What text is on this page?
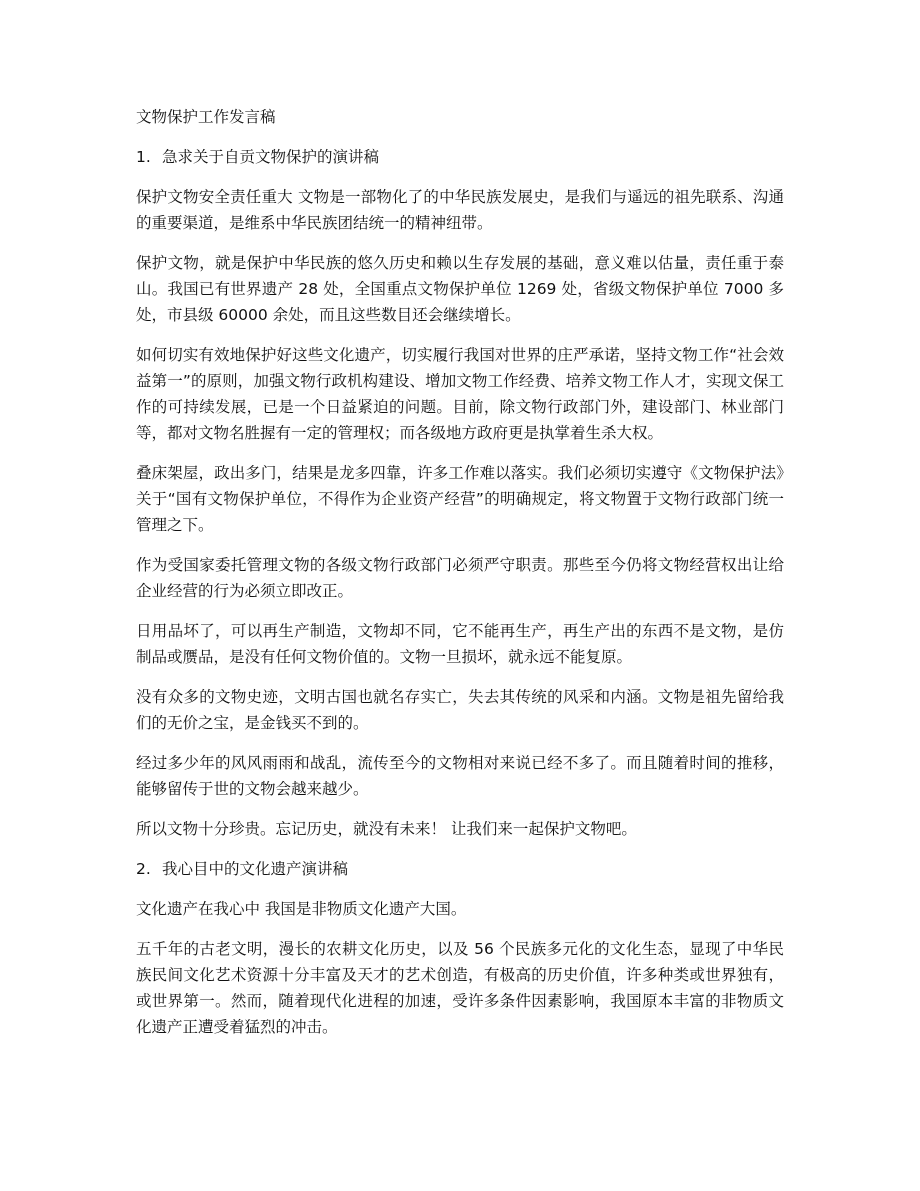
文物保护工作发言稿
1. 急求关于自贡文物保护的演讲稿

保护文物安全责任重大 文物是一部物化了的中华民族发展史，是我们与遥远的祖先联系、沟通的重要渠道，是维系中华民族团结统一的精神纽带。

保护文物，就是保护中华民族的悠久历史和赖以生存发展的基础，意义难以估量，责任重于泰山。我国已有世界遗产 28 处，全国重点文物保护单位 1269 处，省级文物保护单位 7000 多处，市县级 60000 余处，而且这些数目还会继续增长。

如何切实有效地保护好这些文化遗产，切实履行我国对世界的庄严承诺，坚持文物工作“社会效益第一”的原则，加强文物行政机构建设、增加文物工作经费、培养文物工作人才，实现文保工作的可持续发展，已是一个日益紧迫的问题。目前，除文物行政部门外，建设部门、林业部门等，都对文物名胜握有一定的管理权；而各级地方政府更是执掌着生杀大权。

叠床架屋，政出多门，结果是龙多四靠，许多工作难以落实。我们必须切实遵守《文物保护法》关于“国有文物保护单位，不得作为企业资产经营”的明确规定，将文物置于文物行政部门统一管理之下。

作为受国家委托管理文物的各级文物行政部门必须严守职责。那些至今仍将文物经营权出让给企业经营的行为必须立即改正。

日用品坏了，可以再生产制造，文物却不同，它不能再生产，再生产出的东西不是文物，是仿制品或赝品，是没有任何文物价值的。文物一旦损坏，就永远不能复原。

没有众多的文物史迹，文明古国也就名存实亡，失去其传统的风采和内涵。文物是祖先留给我们的无价之宝，是金钱买不到的。

经过多少年的风风雨雨和战乱，流传至今的文物相对来说已经不多了。而且随着时间的推移，能够留传于世的文物会越来越少。

所以文物十分珍贵。忘记历史，就没有未来！ 让我们来一起保护文物吧。

2. 我心目中的文化遗产演讲稿

文化遗产在我心中 我国是非物质文化遗产大国。

五千年的古老文明，漫长的农耕文化历史，以及 56 个民族多元化的文化生态，显现了中华民族民间文化艺术资源十分丰富及天才的艺术创造，有极高的历史价值，许多种类或世界独有，或世界第一。然而，随着现代化进程的加速，受许多条件因素影响，我国原本丰富的非物质文化遗产正遭受着猛烈的冲击。
